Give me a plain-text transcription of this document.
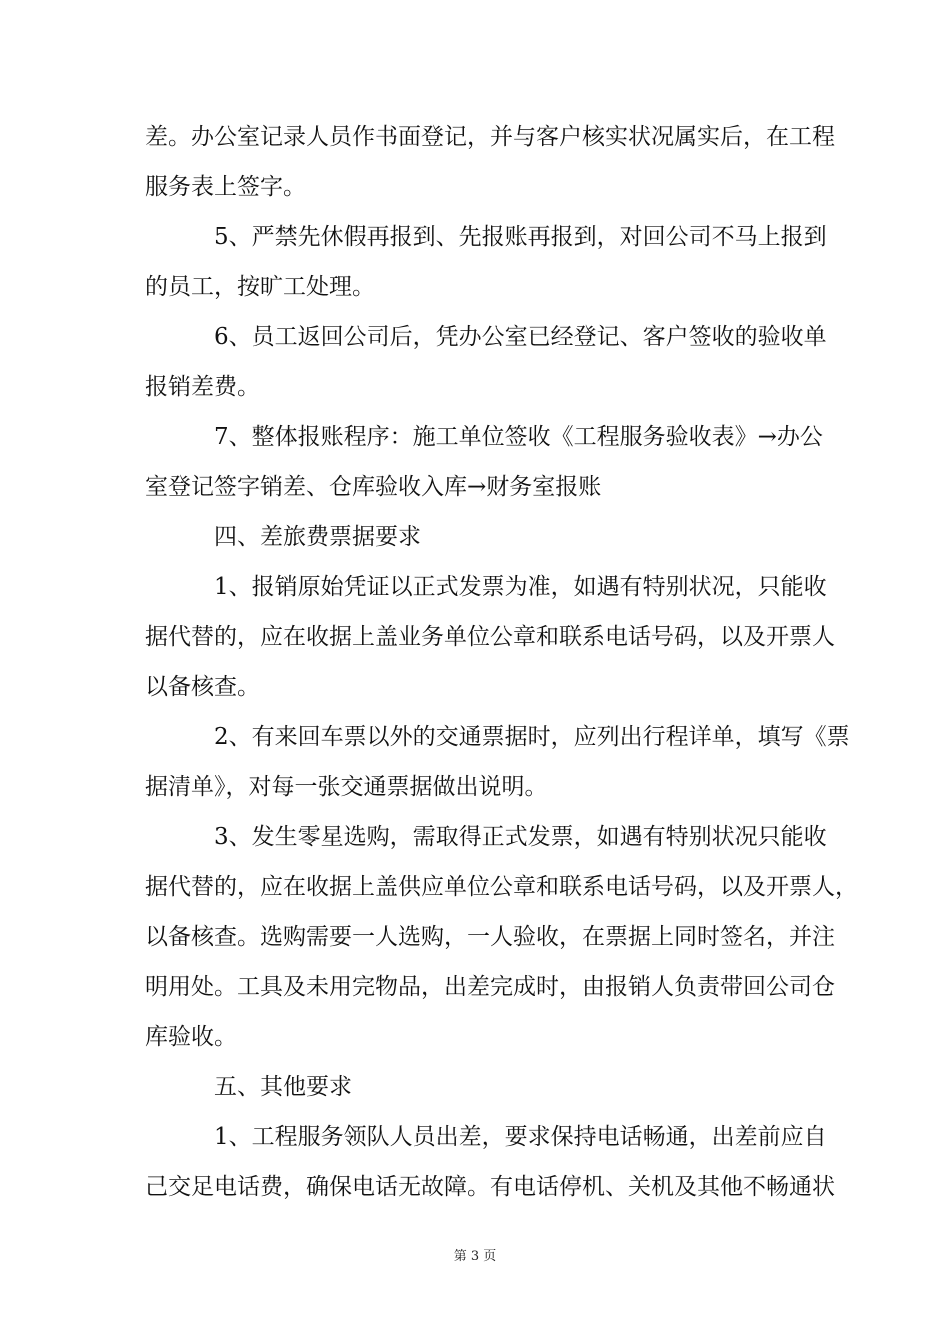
差。办公室记录人员作书面登记，并与客户核实状况属实后，在工程
服务表上签字。
5、严禁先休假再报到、先报账再报到，对回公司不马上报到
的员工，按旷工处理。
6、员工返回公司后，凭办公室已经登记、客户签收的验收单
报销差费。
7、整体报账程序：施工单位签收《工程服务验收表》→办公
室登记签字销差、仓库验收入库→财务室报账
四、差旅费票据要求
1、报销原始凭证以正式发票为准，如遇有特别状况，只能收
据代替的，应在收据上盖业务单位公章和联系电话号码，以及开票人
以备核查。
2、有来回车票以外的交通票据时，应列出行程详单，填写《票
据清单》，对每一张交通票据做出说明。
3、发生零星选购，需取得正式发票，如遇有特别状况只能收
据代替的，应在收据上盖供应单位公章和联系电话号码，以及开票人，
以备核查。选购需要一人选购，一人验收，在票据上同时签名，并注
明用处。工具及未用完物品，出差完成时，由报销人负责带回公司仓
库验收。
五、其他要求
1、工程服务领队人员出差，要求保持电话畅通，出差前应自
己交足电话费，确保电话无故障。有电话停机、关机及其他不畅通状
第 3 页
